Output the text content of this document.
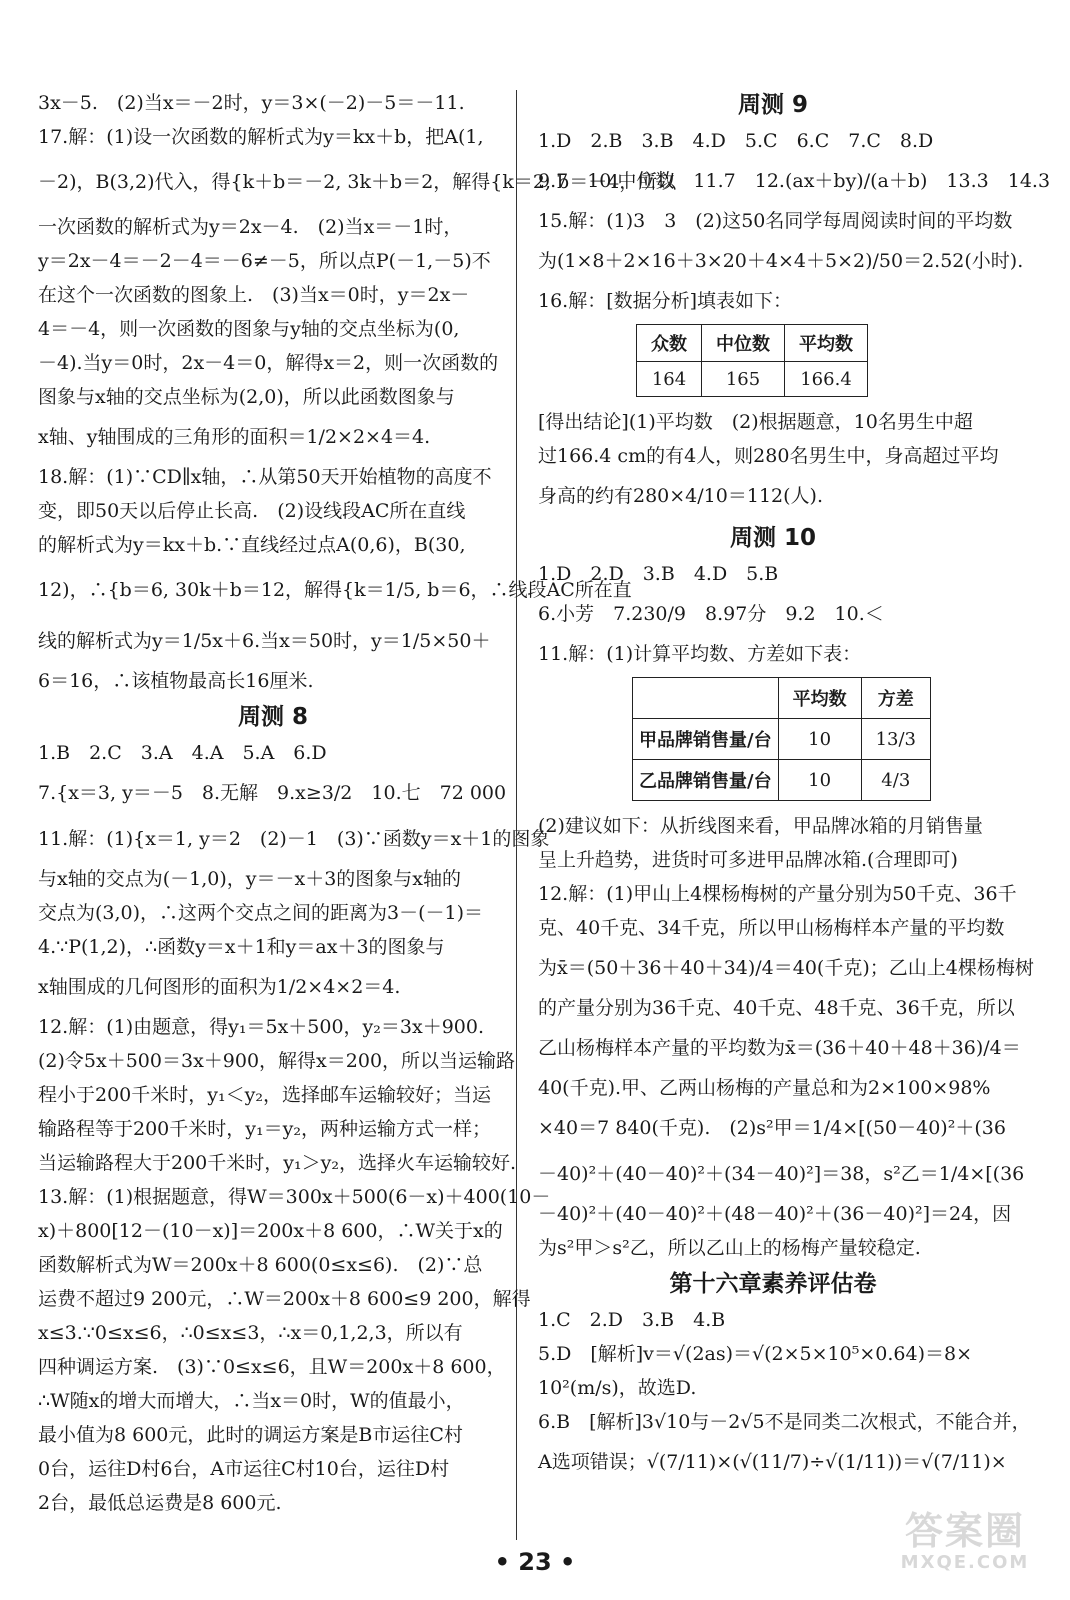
3x－5.　(2)当x＝－2时，y＝3×(－2)－5＝－11.
17.解：(1)设一次函数的解析式为y＝kx＋b，把A(1,
－2)，B(3,2)代入，得{k＋b＝－2, 3k＋b＝2，解得{k＝2, b＝－4，所以
一次函数的解析式为y＝2x－4.　(2)当x＝－1时，
y＝2x－4＝－2－4＝－6≠－5，所以点P(－1,－5)不
在这个一次函数的图象上.　(3)当x＝0时，y＝2x－
4＝－4，则一次函数的图象与y轴的交点坐标为(0,
－4).当y＝0时，2x－4＝0，解得x＝2，则一次函数的
图象与x轴的交点坐标为(2,0)，所以此函数图象与
x轴、y轴围成的三角形的面积＝1/2×2×4＝4.
18.解：(1)∵CD∥x轴，∴从第50天开始植物的高度不
变，即50天以后停止长高.　(2)设线段AC所在直线
的解析式为y＝kx＋b.∵直线经过点A(0,6)，B(30,
12)，∴{b＝6, 30k＋b＝12，解得{k＝1/5, b＝6，∴线段AC所在直
线的解析式为y＝1/5x＋6.当x＝50时，y＝1/5×50＋
6＝16，∴该植物最高长16厘米.
周测 8
1.B　2.C　3.A　4.A　5.A　6.D
7.{x＝3, y＝－5　8.无解　9.x≥3/2　10.七　72 000
11.解：(1){x＝1, y＝2　(2)－1　(3)∵函数y＝x＋1的图象
与x轴的交点为(－1,0)，y＝－x＋3的图象与x轴的
交点为(3,0)，∴这两个交点之间的距离为3－(－1)＝
4.∵P(1,2)，∴函数y＝x＋1和y＝ax＋3的图象与
x轴围成的几何图形的面积为1/2×4×2＝4.
12.解：(1)由题意，得y₁＝5x＋500，y₂＝3x＋900.
(2)令5x＋500＝3x＋900，解得x＝200，所以当运输路
程小于200千米时，y₁＜y₂，选择邮车运输较好；当运
输路程等于200千米时，y₁＝y₂，两种运输方式一样；
当运输路程大于200千米时，y₁＞y₂，选择火车运输较好.
13.解：(1)根据题意，得W＝300x＋500(6－x)＋400(10－
x)＋800[12－(10－x)]＝200x＋8 600，∴W关于x的
函数解析式为W＝200x＋8 600(0≤x≤6).　(2)∵总
运费不超过9 200元，∴W＝200x＋8 600≤9 200，解得
x≤3.∵0≤x≤6，∴0≤x≤3，∴x＝0,1,2,3，所以有
四种调运方案.　(3)∵0≤x≤6，且W＝200x＋8 600，
∴W随x的增大而增大，∴当x＝0时，W的值最小，
最小值为8 600元，此时的调运方案是B市运往C村
0台，运往D村6台，A市运往C村10台，运往D村
2台，最低总运费是8 600元.
周测 9
1.D　2.B　3.B　4.D　5.C　6.C　7.C　8.D
9.7　10.中位数　11.7　12.(ax＋by)/(a＋b)　13.3　14.3
15.解：(1)3　3　(2)这50名同学每周阅读时间的平均数
为(1×8＋2×16＋3×20＋4×4＋5×2)/50＝2.52(小时).
16.解：[数据分析]填表如下：
众数	中位数	平均数
164	165	166.4
[得出结论](1)平均数　(2)根据题意，10名男生中超
过166.4 cm的有4人，则280名男生中，身高超过平均
身高的约有280×4/10＝112(人).
周测 10
1.D　2.D　3.B　4.D　5.B
6.小芳　7.230/9　8.97分　9.2　10.＜
11.解：(1)计算平均数、方差如下表：
	平均数	方差
甲品牌销售量/台	10	13/3
乙品牌销售量/台	10	4/3
(2)建议如下：从折线图来看，甲品牌冰箱的月销售量
呈上升趋势，进货时可多进甲品牌冰箱.(合理即可)
12.解：(1)甲山上4棵杨梅树的产量分别为50千克、36千
克、40千克、34千克，所以甲山杨梅样本产量的平均数
为x̄＝(50＋36＋40＋34)/4＝40(千克)；乙山上4棵杨梅树
的产量分别为36千克、40千克、48千克、36千克，所以
乙山杨梅样本产量的平均数为x̄＝(36＋40＋48＋36)/4＝
40(千克).甲、乙两山杨梅的产量总和为2×100×98%
×40＝7 840(千克).　(2)s²甲＝1/4×[(50－40)²＋(36
－40)²＋(40－40)²＋(34－40)²]＝38，s²乙＝1/4×[(36
－40)²＋(40－40)²＋(48－40)²＋(36－40)²]＝24，因
为s²甲＞s²乙，所以乙山上的杨梅产量较稳定.
第十六章素养评估卷
1.C　2.D　3.B　4.B
5.D　[解析]v＝√(2as)＝√(2×5×10⁵×0.64)＝8×
10²(m/s)，故选D.
6.B　[解析]3√10与－2√5不是同类二次根式，不能合并，
A选项错误；√(7/11)×(√(11/7)÷√(1/11))＝√(7/11)×
• 23 •
答案圈
MXQE.COM
